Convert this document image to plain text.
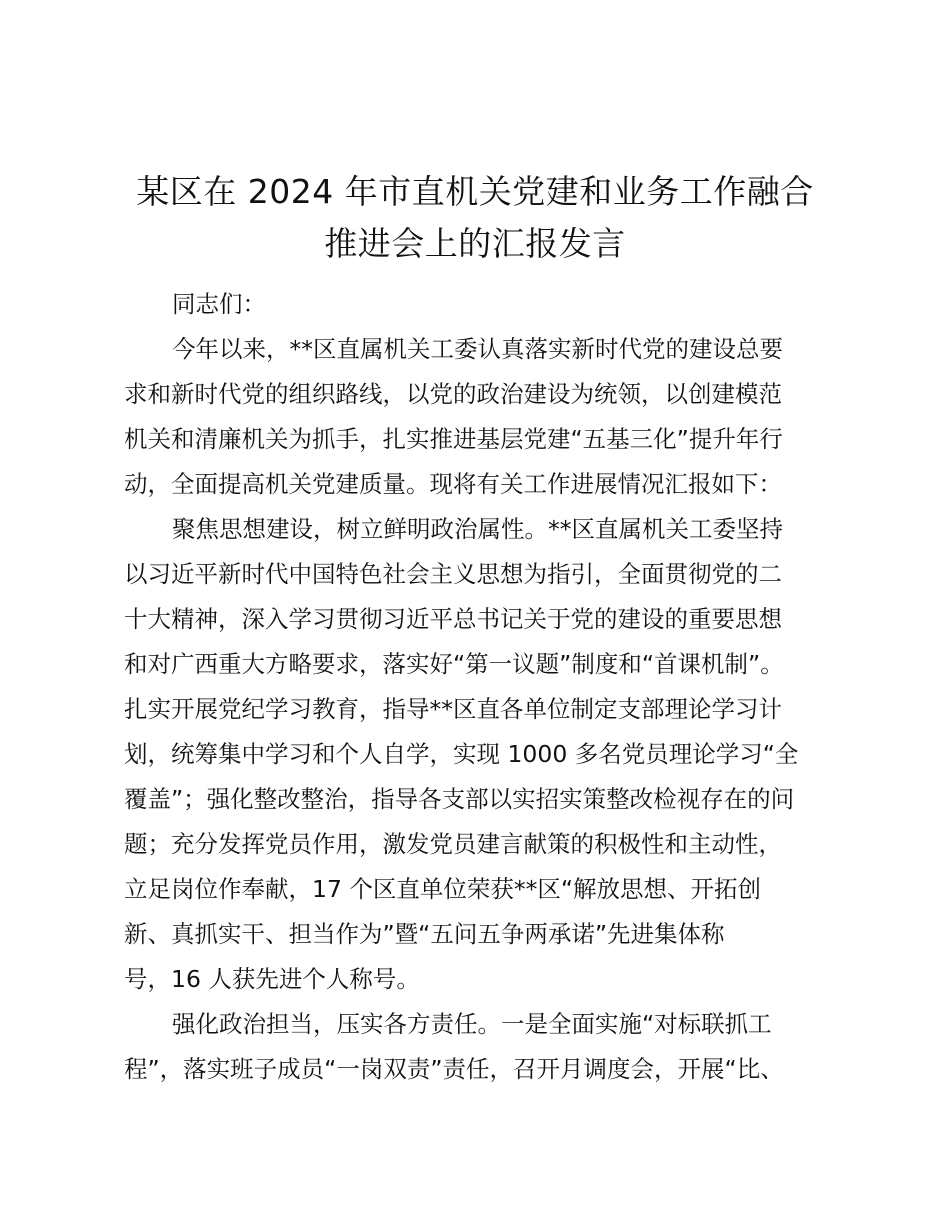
某区在 2024 年市直机关党建和业务工作融合
推进会上的汇报发言
同志们：
今年以来，**区直属机关工委认真落实新时代党的建设总要
求和新时代党的组织路线，以党的政治建设为统领，以创建模范
机关和清廉机关为抓手，扎实推进基层党建“五基三化”提升年行
动，全面提高机关党建质量。现将有关工作进展情况汇报如下：
聚焦思想建设，树立鲜明政治属性。**区直属机关工委坚持
以习近平新时代中国特色社会主义思想为指引，全面贯彻党的二
十大精神，深入学习贯彻习近平总书记关于党的建设的重要思想
和对广西重大方略要求，落实好“第一议题”制度和“首课机制”。
扎实开展党纪学习教育，指导**区直各单位制定支部理论学习计
划，统筹集中学习和个人自学，实现 1000 多名党员理论学习“全
覆盖”；强化整改整治，指导各支部以实招实策整改检视存在的问
题；充分发挥党员作用，激发党员建言献策的积极性和主动性，
立足岗位作奉献，17 个区直单位荣获**区“解放思想、开拓创
新、真抓实干、担当作为”暨“五问五争两承诺”先进集体称
号，16 人获先进个人称号。
强化政治担当，压实各方责任。一是全面实施“对标联抓工
程”，落实班子成员“一岗双责”责任，召开月调度会，开展“比、
